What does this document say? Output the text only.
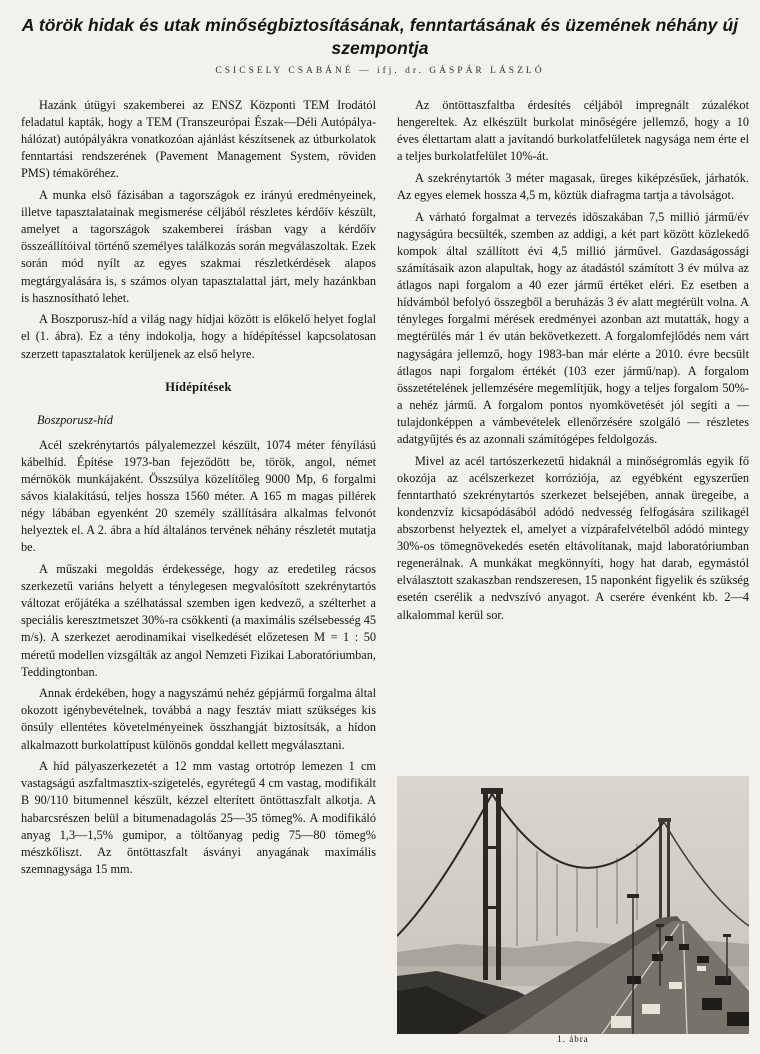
A török hidak és utak minőségbiztosításának, fenntartásának és üzemének néhány új szempontja
CSICSELY CSABÁNÉ — ifj. dr. GÁSPÁR LÁSZLÓ

Hazánk útügyi szakemberei az ENSZ Központi TEM Irodától feladatul kapták, hogy a TEM (Transzeurópai Észak—Déli Autópálya-hálózat) autópályákra vonatkozóan ajánlást készítsenek az útburkolatok fenntartási rendszerének (Pavement Management System, röviden PMS) témaköréhez.

A munka első fázisában a tagországok ez irányú eredményeinek, illetve tapasztalatainak megismerése céljából részletes kérdőív készült, amelyet a tagországok szakemberei írásban vagy a kérdőív összeállítóival történő személyes találkozás során megválaszoltak. Ezek során mód nyílt az egyes szakmai részletkérdések alapos megtárgyalására is, s számos olyan tapasztalattal járt, mely hazánkban is hasznosítható lehet.

A Boszporusz-híd a világ nagy hídjai között is előkelő helyet foglal el (1. ábra). Ez a tény indokolja, hogy a hídépítéssel kapcsolatosan szerzett tapasztalatok kerüljenek az első helyre.

Hídépítések
Boszporusz-híd

Acél szekrénytartós pályalemezzel készült, 1074 méter fényílású kábelhíd. Építése 1973-ban fejeződött be, török, angol, német mérnökök munkájaként. Összsúlya közelítőleg 9000 Mp, 6 forgalmi sávos kialakítású, teljes hossza 1560 méter. A 165 m magas pillérek négy lábában egyenként 20 személy szállítására alkalmas felvonót helyeztek el. A 2. ábra a híd általános tervének néhány részletét mutatja be.

A műszaki megoldás érdekessége, hogy az eredetileg rácsos szerkezetű variáns helyett a ténylegesen megvalósított szekrénytartós változat erőjátéka a szélhatással szemben igen kedvező, a szélterhet a speciális keresztmetszet 30%-ra csökkenti (a maximális szélsebesség 45 m/s). A szerkezet aerodinamikai viselkedését előzetesen M = 1 : 50 méretű modellen vizsgálták az angol Nemzeti Fizikai Laboratóriumban, Teddingtonban.

Annak érdekében, hogy a nagyszámú nehéz gépjármű forgalma által okozott igénybevételnek, továbbá a nagy fesztáv miatt szükséges kis önsúly ellentétes követelményeinek összhangját biztosítsák, a hídon alkalmazott burkolattípust különös gonddal kellett megválasztani.

A híd pályaszerkezetét a 12 mm vastag ortotróp lemezen 1 cm vastagságú aszfaltmasztix-szigetelés, egyrétegű 4 cm vastag, modifikált B 90/110 bitumennel készült, kézzel elterített öntöttaszfalt alkotja. A habarcsrészen belül a bitumenadagolás 25—35 tömeg%. A modifikáló anyag 1,3—1,5% gumipor, a töltőanyag pedig 75—80 tömeg% mészkőliszt. Az öntöttaszfalt ásványi anyagának maximális szemnagysága 15 mm.

Az öntöttaszfaltba érdesítés céljából impregnált zúzalékot hengereltek. Az elkészült burkolat minőségére jellemző, hogy a 10 éves élettartam alatt a javítandó burkolatfelületek nagysága nem érte el a teljes burkolatfelület 10%-át.

A szekrénytartók 3 méter magasak, üreges kiképzésűek, járhatók. Az egyes elemek hossza 4,5 m, köztük diafragma tartja a távolságot.

A várható forgalmat a tervezés időszakában 7,5 millió jármű/év nagyságúra becsülték, szemben az addigi, a két part között közlekedő kompok által szállított évi 4,5 millió járművel. Gazdaságossági számításaik azon alapultak, hogy az átadástól számított 3 év múlva az átlagos napi forgalom a 40 ezer jármű értéket eléri. Ez esetben a hídvámból befolyó összegből a beruházás 3 év alatt megtérült volna. A tényleges forgalmi mérések eredményei azonban azt mutatták, hogy a megtérülés már 1 év után bekövetkezett. A forgalomfejlődés nem várt nagyságára jellemző, hogy 1983-ban már elérte a 2010. évre becsült átlagos napi forgalom értékét (103 ezer jármű/nap). A forgalom összetételének jellemzésére megemlítjük, hogy a teljes forgalom 50%-a nehéz jármű. A forgalom pontos nyomkövetését jól segíti a — tulajdonképpen a vámbevételek ellenőrzésére szolgáló — részletes adatgyűjtés és az azonnali számítógépes feldolgozás.

Mivel az acél tartószerkezetű hidaknál a minőségromlás egyik fő okozója az acélszerkezet korróziója, az egyébként egyszerűen fenntartható szekrénytartós szerkezet belsejében, annak üregeibe, a kondenzvíz kicsapódásából adódó nedvesség felfogására szilikagél abszorbenst helyeztek el, amelyet a vízpárafelvételből adódó mintegy 30%-os tömegnövekedés esetén eltávolítanak, majd laboratóriumban regenerálnak. A munkákat megkönnyíti, hogy hat darab, egymástól elválasztott szakaszban rendszeresen, 15 naponként figyelik és szükség esetén cserélik a nedvszívó anyagot. A cserére évenként kb. 2—4 alkalommal kerül sor.

1. ábra
